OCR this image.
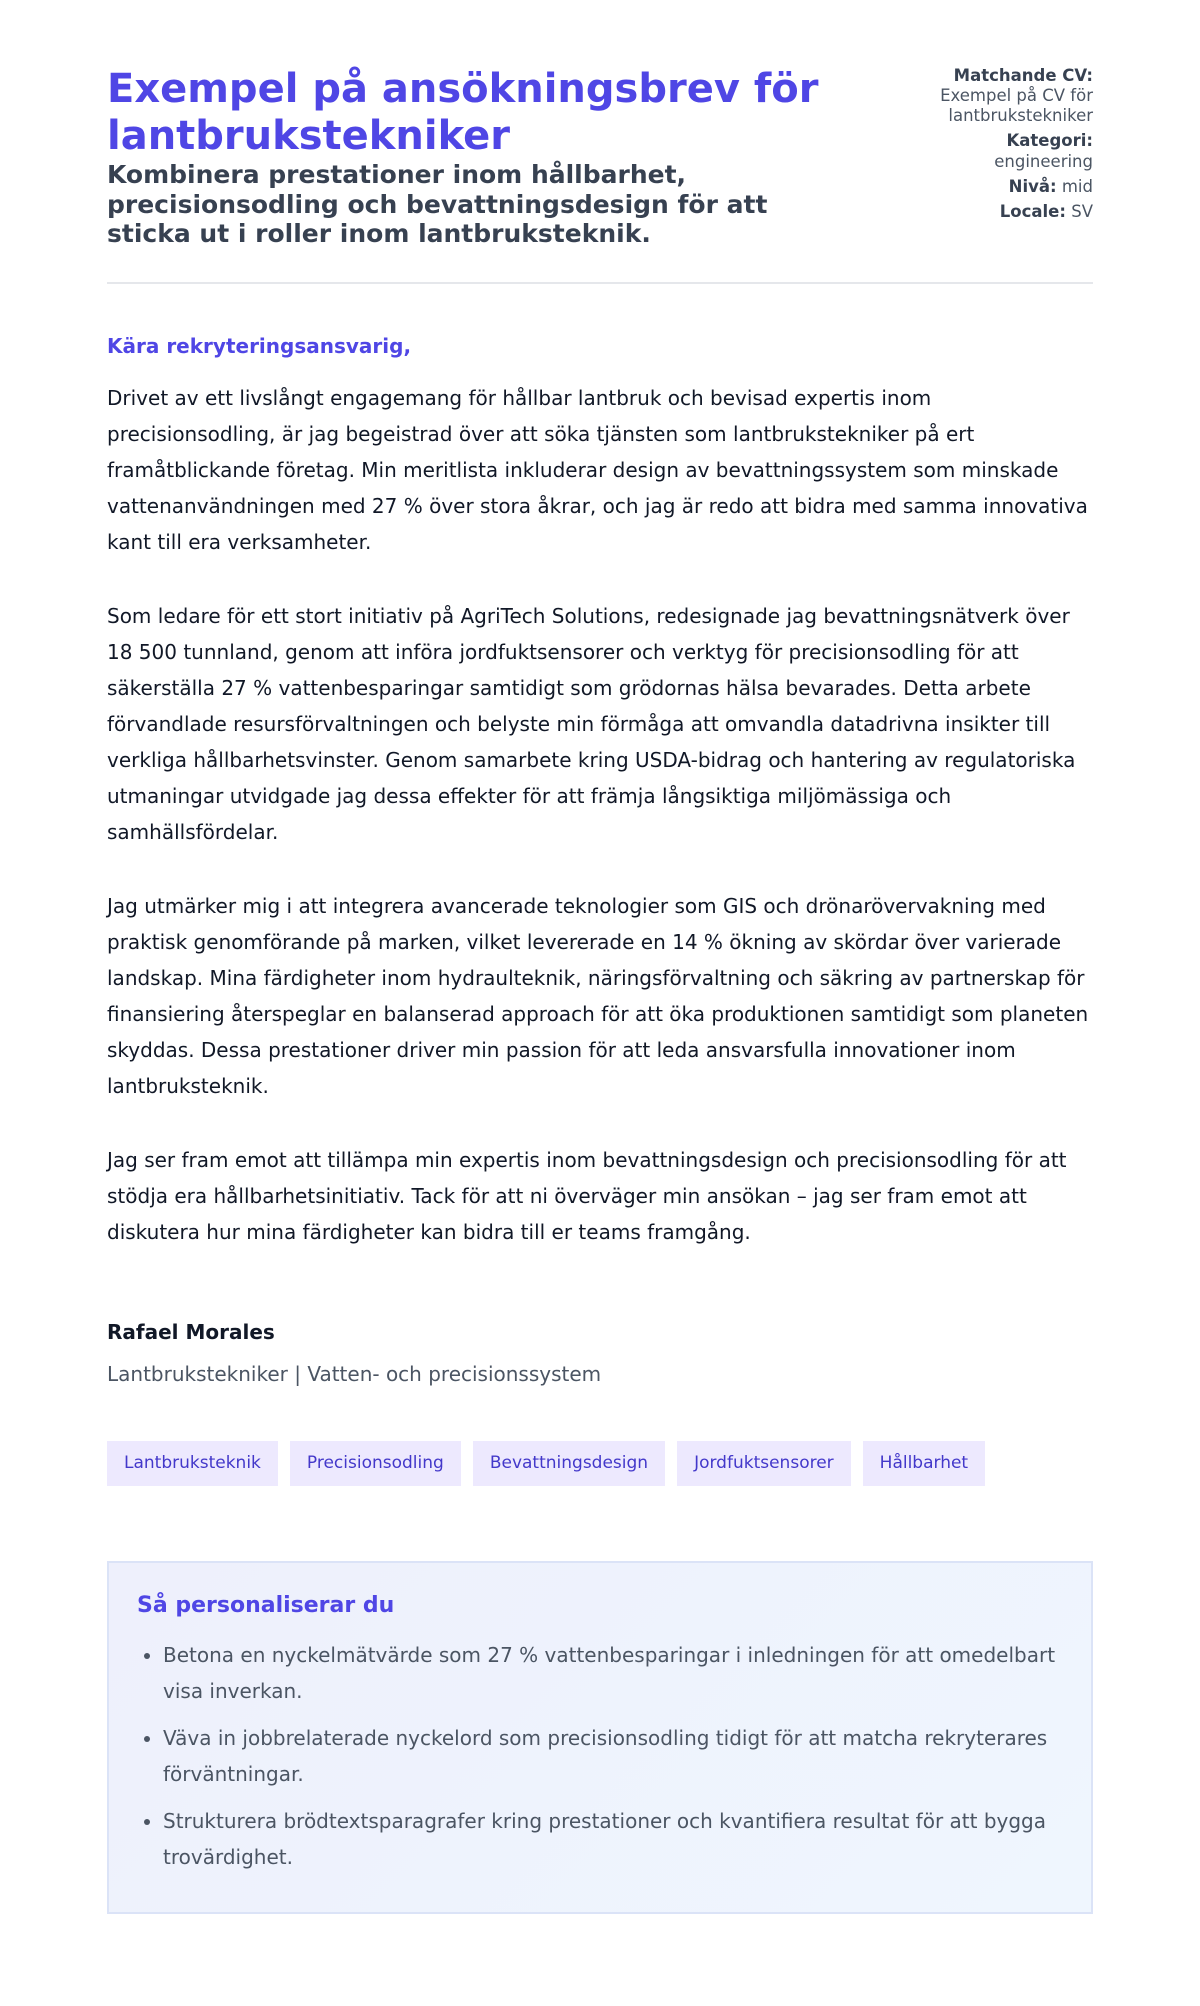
Exempel på ansökningsbrev för lantbrukstekniker
Kombinera prestationer inom hållbarhet, precisionsodling och bevattningsdesign för att sticka ut i roller inom lantbruksteknik.
Matchande CV:
Exempel på CV för lantbrukstekniker
Kategori:
engineering
Nivå: mid
Locale: SV
Kära rekryteringsansvarig,

Drivet av ett livslångt engagemang för hållbar lantbruk och bevisad expertis inom precisionsodling, är jag begeistrad över att söka tjänsten som lantbrukstekniker på ert framåtblickande företag. Min meritlista inkluderar design av bevattningssystem som minskade vattenanvändningen med 27 % över stora åkrar, och jag är redo att bidra med samma innovativa kant till era verksamheter.

Som ledare för ett stort initiativ på AgriTech Solutions, redesignade jag bevattningsnätverk över 18 500 tunnland, genom att införa jordfuktsensorer och verktyg för precisionsodling för att säkerställa 27 % vattenbesparingar samtidigt som grödornas hälsa bevarades. Detta arbete förvandlade resursförvaltningen och belyste min förmåga att omvandla datadrivna insikter till verkliga hållbarhetsvinster. Genom samarbete kring USDA-bidrag och hantering av regulatoriska utmaningar utvidgade jag dessa effekter för att främja långsiktiga miljömässiga och samhällsfördelar.

Jag utmärker mig i att integrera avancerade teknologier som GIS och drönarövervakning med praktisk genomförande på marken, vilket levererade en 14 % ökning av skördar över varierade landskap. Mina färdigheter inom hydraulteknik, näringsförvaltning och säkring av partnerskap för finansiering återspeglar en balanserad approach för att öka produktionen samtidigt som planeten skyddas. Dessa prestationer driver min passion för att leda ansvarsfulla innovationer inom lantbruksteknik.

Jag ser fram emot att tillämpa min expertis inom bevattningsdesign och precisionsodling för att stödja era hållbarhetsinitiativ. Tack för att ni överväger min ansökan – jag ser fram emot att diskutera hur mina färdigheter kan bidra till er teams framgång.

Rafael Morales
Lantbrukstekniker | Vatten- och precisionssystem
Lantbruksteknik	Precisionsodling	Bevattningsdesign	Jordfuktsensorer	Hållbarhet
Så personaliserar du
• Betona en nyckelmätvärde som 27 % vattenbesparingar i inledningen för att omedelbart visa inverkan.
• Väva in jobbrelaterade nyckelord som precisionsodling tidigt för att matcha rekryterares förväntningar.
• Strukturera brödtextsparagrafer kring prestationer och kvantifiera resultat för att bygga trovärdighet.
